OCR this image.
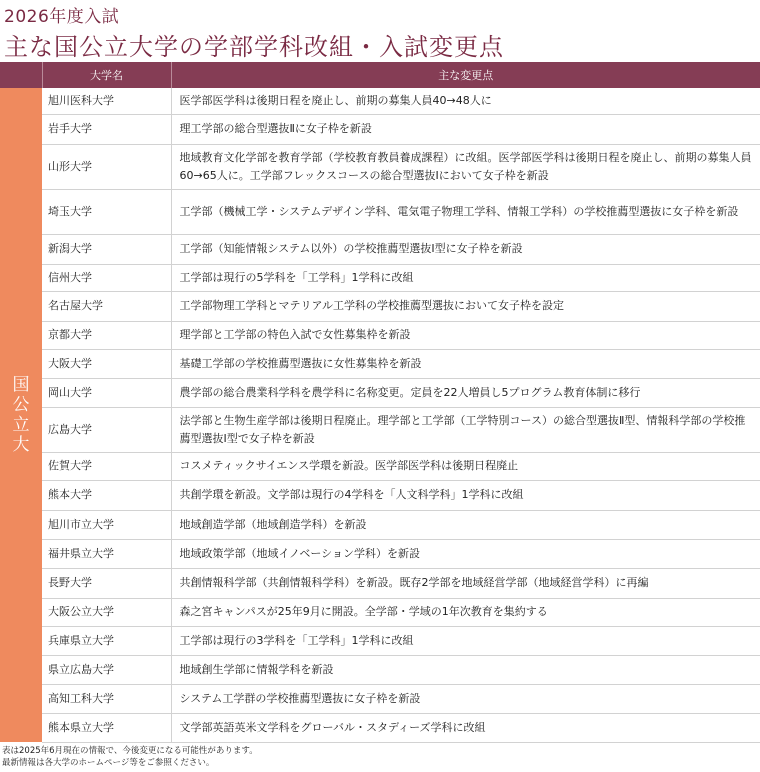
2026年度入試
主な国公立大学の学部学科改組・入試変更点
	大学名	主な変更点
国公立大	旭川医科大学	医学部医学科は後期日程を廃止し、前期の募集人員40→48人に
	岩手大学	理工学部の総合型選抜Ⅱに女子枠を新設
	山形大学	地域教育文化学部を教育学部（学校教育教員養成課程）に改組。医学部医学科は後期日程を廃止し、前期の募集人員60→65人に。工学部フレックスコースの総合型選抜Ⅰにおいて女子枠を新設
	埼玉大学	工学部（機械工学・システムデザイン学科、電気電子物理工学科、情報工学科）の学校推薦型選抜に女子枠を新設
	新潟大学	工学部（知能情報システム以外）の学校推薦型選抜Ⅰ型に女子枠を新設
	信州大学	工学部は現行の5学科を「工学科」1学科に改組
	名古屋大学	工学部物理工学科とマテリアル工学科の学校推薦型選抜において女子枠を設定
	京都大学	理学部と工学部の特色入試で女性募集枠を新設
	大阪大学	基礎工学部の学校推薦型選抜に女性募集枠を新設
	岡山大学	農学部の総合農業科学科を農学科に名称変更。定員を22人増員し5プログラム教育体制に移行
	広島大学	法学部と生物生産学部は後期日程廃止。理学部と工学部（工学特別コース）の総合型選抜Ⅱ型、情報科学部の学校推薦型選抜Ⅰ型で女子枠を新設
	佐賀大学	コスメティックサイエンス学環を新設。医学部医学科は後期日程廃止
	熊本大学	共創学環を新設。文学部は現行の4学科を「人文科学科」1学科に改組
	旭川市立大学	地域創造学部（地域創造学科）を新設
	福井県立大学	地域政策学部（地域イノベーション学科）を新設
	長野大学	共創情報科学部（共創情報科学科）を新設。既存2学部を地域経営学部（地域経営学科）に再編
	大阪公立大学	森之宮キャンパスが25年9月に開設。全学部・学域の1年次教育を集約する
	兵庫県立大学	工学部は現行の3学科を「工学科」1学科に改組
	県立広島大学	地域創生学部に情報学科を新設
	高知工科大学	システム工学群の学校推薦型選抜に女子枠を新設
	熊本県立大学	文学部英語英米文学科をグローバル・スタディーズ学科に改組
表は2025年6月現在の情報で、今後変更になる可能性があります。
最新情報は各大学のホームページ等をご参照ください。
